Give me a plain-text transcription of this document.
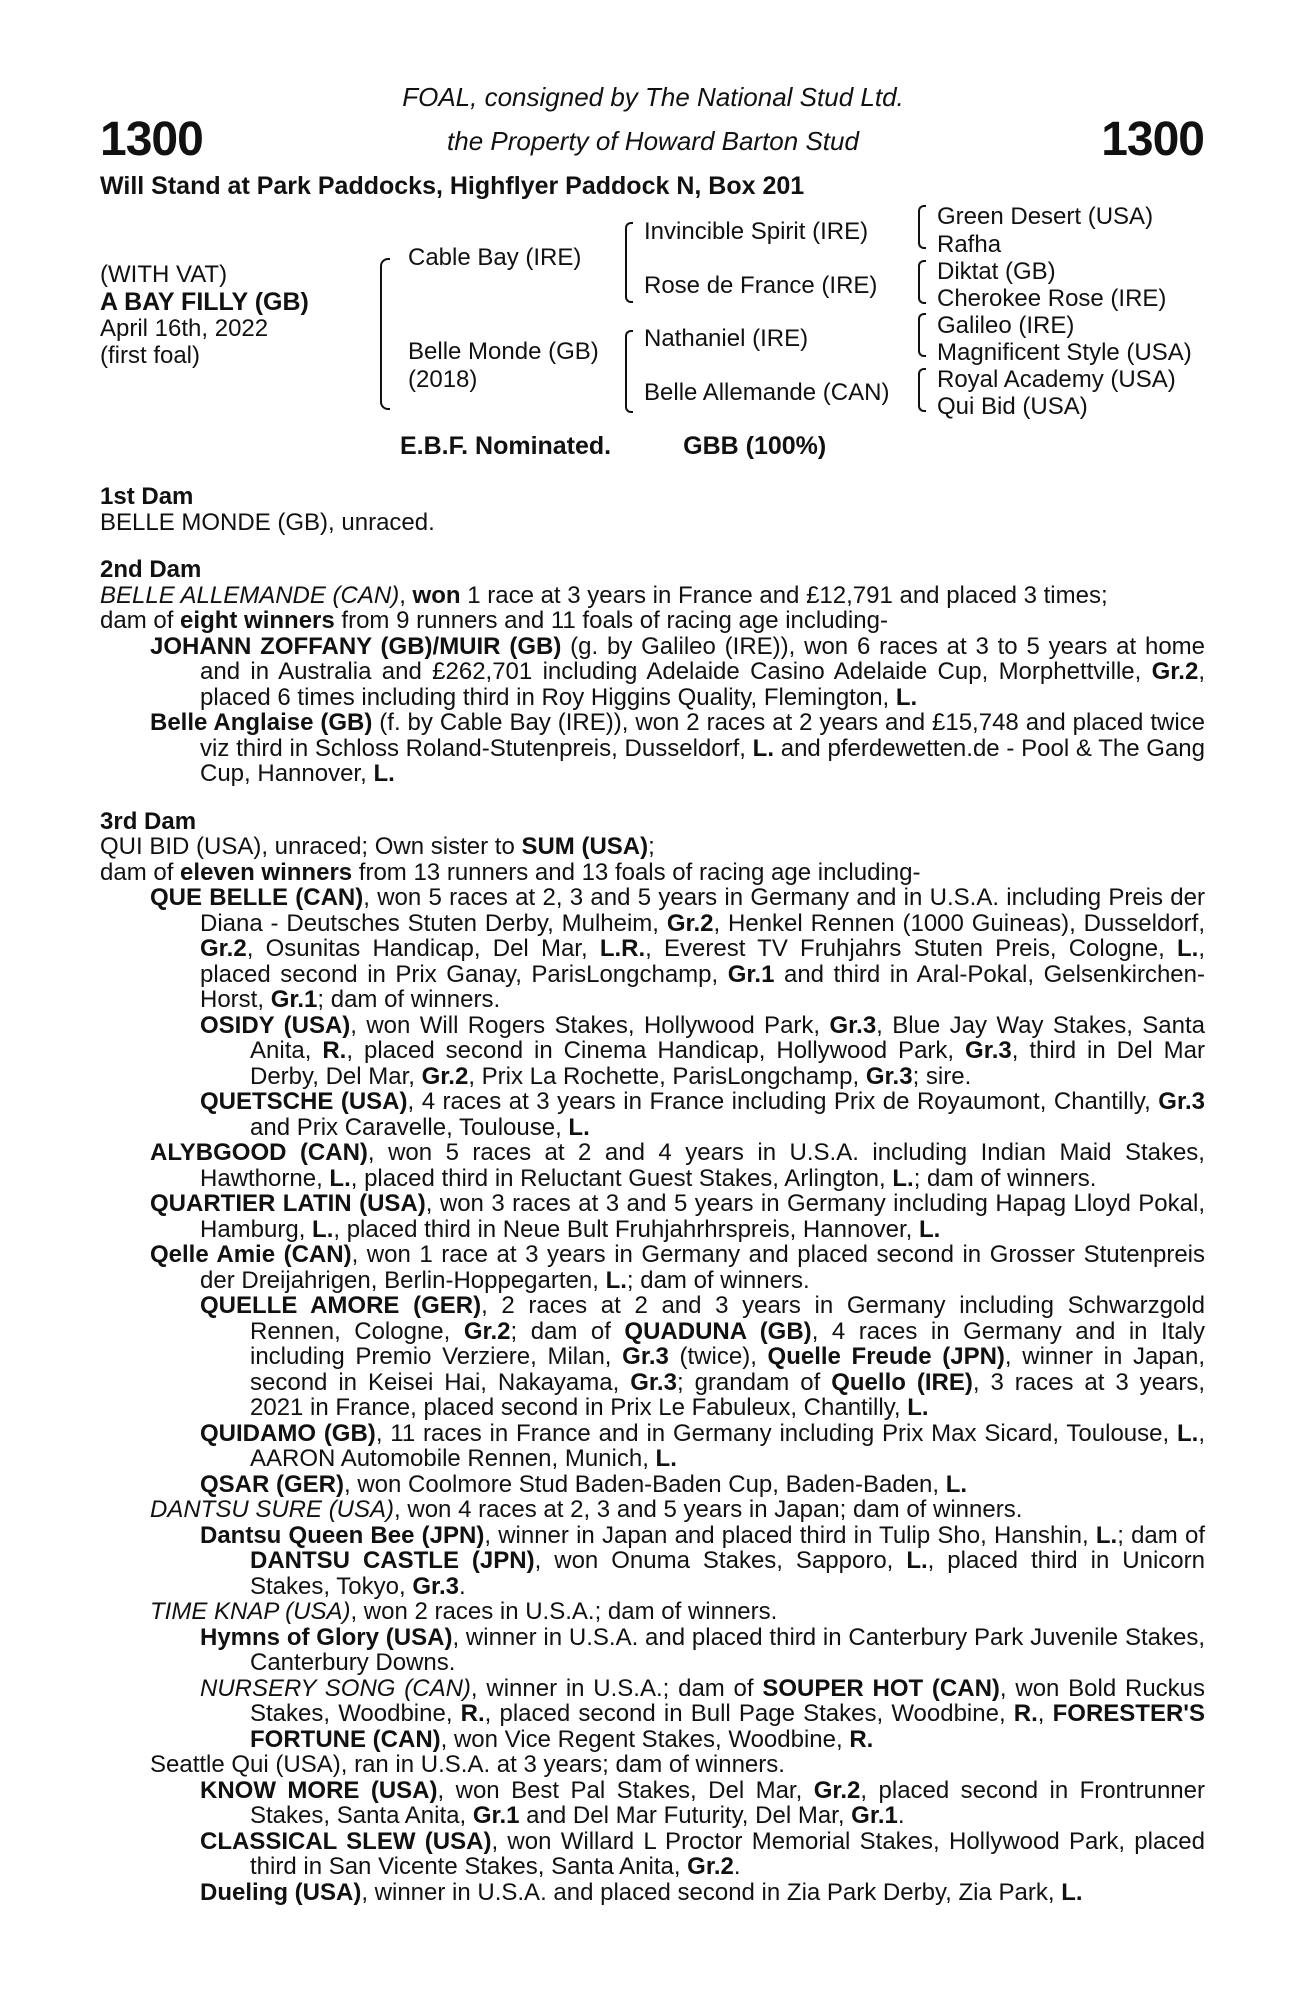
1300	1300
FOAL, consigned by The National Stud Ltd.
the Property of Howard Barton Stud
Will Stand at Park Paddocks, Highflyer Paddock N, Box 201
(WITH VAT)
A BAY FILLY (GB)
April 16th, 2022
(first foal)
Cable Bay (IRE)
Belle Monde (GB)
(2018)
Invincible Spirit (IRE)
Rose de France (IRE)
Nathaniel (IRE)
Belle Allemande (CAN)
Green Desert (USA)
Rafha
Diktat (GB)
Cherokee Rose (IRE)
Galileo (IRE)
Magnificent Style (USA)
Royal Academy (USA)
Qui Bid (USA)
E.B.F. Nominated.	GBB (100%)
1st Dam
BELLE MONDE (GB), unraced.
2nd Dam
BELLE ALLEMANDE (CAN), won 1 race at 3 years in France and £12,791 and placed 3 times;
dam of eight winners from 9 runners and 11 foals of racing age including-
JOHANN ZOFFANY (GB)/MUIR (GB) (g. by Galileo (IRE)), won 6 races at 3 to 5 years at home and in Australia and £262,701 including Adelaide Casino Adelaide Cup, Morphettville, Gr.2, placed 6 times including third in Roy Higgins Quality, Flemington, L.
Belle Anglaise (GB) (f. by Cable Bay (IRE)), won 2 races at 2 years and £15,748 and placed twice viz third in Schloss Roland-Stutenpreis, Dusseldorf, L. and pferdewetten.de - Pool & The Gang Cup, Hannover, L.
3rd Dam
QUI BID (USA), unraced; Own sister to SUM (USA);
dam of eleven winners from 13 runners and 13 foals of racing age including-
QUE BELLE (CAN), won 5 races at 2, 3 and 5 years in Germany and in U.S.A. including Preis der Diana - Deutsches Stuten Derby, Mulheim, Gr.2, Henkel Rennen (1000 Guineas), Dusseldorf, Gr.2, Osunitas Handicap, Del Mar, L.R., Everest TV Fruhjahrs Stuten Preis, Cologne, L., placed second in Prix Ganay, ParisLongchamp, Gr.1 and third in Aral-Pokal, Gelsenkirchen-Horst, Gr.1; dam of winners.
OSIDY (USA), won Will Rogers Stakes, Hollywood Park, Gr.3, Blue Jay Way Stakes, Santa Anita, R., placed second in Cinema Handicap, Hollywood Park, Gr.3, third in Del Mar Derby, Del Mar, Gr.2, Prix La Rochette, ParisLongchamp, Gr.3; sire.
QUETSCHE (USA), 4 races at 3 years in France including Prix de Royaumont, Chantilly, Gr.3 and Prix Caravelle, Toulouse, L.
ALYBGOOD (CAN), won 5 races at 2 and 4 years in U.S.A. including Indian Maid Stakes, Hawthorne, L., placed third in Reluctant Guest Stakes, Arlington, L.; dam of winners.
QUARTIER LATIN (USA), won 3 races at 3 and 5 years in Germany including Hapag Lloyd Pokal, Hamburg, L., placed third in Neue Bult Fruhjahrhrspreis, Hannover, L.
Qelle Amie (CAN), won 1 race at 3 years in Germany and placed second in Grosser Stutenpreis der Dreijahrigen, Berlin-Hoppegarten, L.; dam of winners.
QUELLE AMORE (GER), 2 races at 2 and 3 years in Germany including Schwarzgold Rennen, Cologne, Gr.2; dam of QUADUNA (GB), 4 races in Germany and in Italy including Premio Verziere, Milan, Gr.3 (twice), Quelle Freude (JPN), winner in Japan, second in Keisei Hai, Nakayama, Gr.3; grandam of Quello (IRE), 3 races at 3 years, 2021 in France, placed second in Prix Le Fabuleux, Chantilly, L.
QUIDAMO (GB), 11 races in France and in Germany including Prix Max Sicard, Toulouse, L., AARON Automobile Rennen, Munich, L.
QSAR (GER), won Coolmore Stud Baden-Baden Cup, Baden-Baden, L.
DANTSU SURE (USA), won 4 races at 2, 3 and 5 years in Japan; dam of winners.
Dantsu Queen Bee (JPN), winner in Japan and placed third in Tulip Sho, Hanshin, L.; dam of DANTSU CASTLE (JPN), won Onuma Stakes, Sapporo, L., placed third in Unicorn Stakes, Tokyo, Gr.3.
TIME KNAP (USA), won 2 races in U.S.A.; dam of winners.
Hymns of Glory (USA), winner in U.S.A. and placed third in Canterbury Park Juvenile Stakes, Canterbury Downs.
NURSERY SONG (CAN), winner in U.S.A.; dam of SOUPER HOT (CAN), won Bold Ruckus Stakes, Woodbine, R., placed second in Bull Page Stakes, Woodbine, R., FORESTER'S FORTUNE (CAN), won Vice Regent Stakes, Woodbine, R.
Seattle Qui (USA), ran in U.S.A. at 3 years; dam of winners.
KNOW MORE (USA), won Best Pal Stakes, Del Mar, Gr.2, placed second in Frontrunner Stakes, Santa Anita, Gr.1 and Del Mar Futurity, Del Mar, Gr.1.
CLASSICAL SLEW (USA), won Willard L Proctor Memorial Stakes, Hollywood Park, placed third in San Vicente Stakes, Santa Anita, Gr.2.
Dueling (USA), winner in U.S.A. and placed second in Zia Park Derby, Zia Park, L.
